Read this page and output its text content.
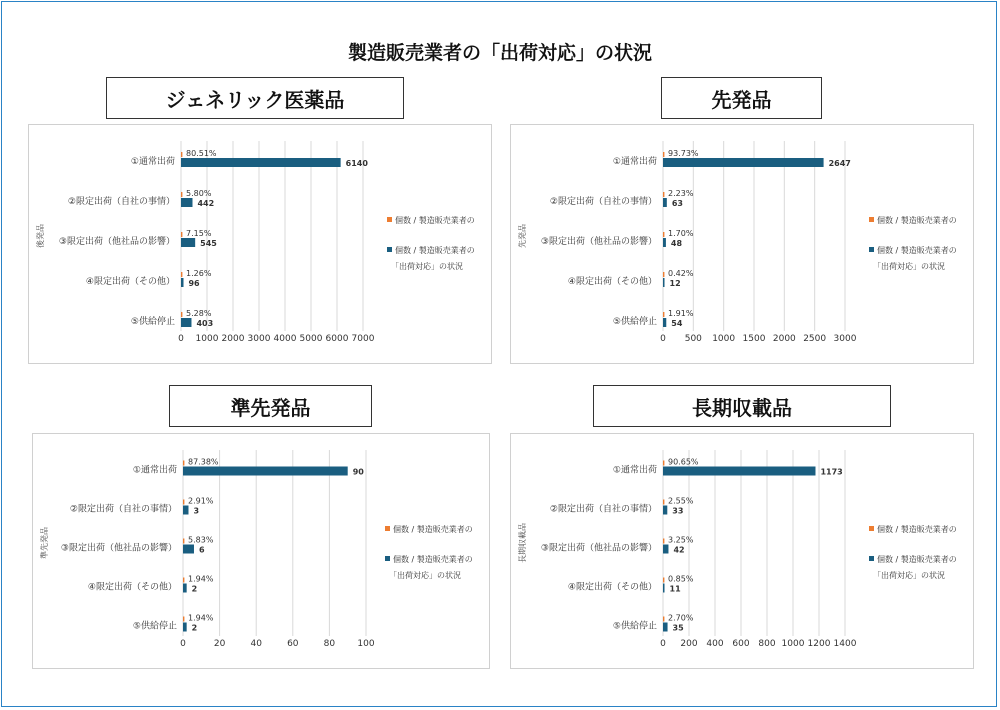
製造販売業者の「出荷対応」の状況
ジェネリック医薬品	先発品
準先発品	長期収載品
0 1000 2000 3000 4000 5000 6000 7000
後発品
①通常出荷
80.51%
6140
②限定出荷（自社の事情）
5.80%
442
③限定出荷（他社品の影響）
7.15%
545
④限定出荷（その他）
1.26%
96
⑤供給停止
5.28%
403
個数 / 製造販売業者の
個数 / 製造販売業者の
「出荷対応」の状況
0 500 1000 1500 2000 2500 3000
先発品
①通常出荷
93.73%
2647
②限定出荷（自社の事情）
2.23%
63
③限定出荷（他社品の影響）
1.70%
48
④限定出荷（その他）
0.42%
12
⑤供給停止
1.91%
54
個数 / 製造販売業者の
個数 / 製造販売業者の
「出荷対応」の状況
0	20	40	60	80 100
準先発品
①通常出荷
87.38%
90
②限定出荷（自社の事情）
2.91%
3
③限定出荷（他社品の影響）
5.83%
6
④限定出荷（その他）
1.94%
2
⑤供給停止
1.94%
2
個数 / 製造販売業者の
個数 / 製造販売業者の
「出荷対応」の状況
0 200 400 600 800 1000 1200 1400
長期収載品
①通常出荷
90.65%
1173
②限定出荷（自社の事情）
2.55%
33
③限定出荷（他社品の影響）
3.25%
42
④限定出荷（その他）
0.85%
11
⑤供給停止
2.70%
35
個数 / 製造販売業者の
個数 / 製造販売業者の
「出荷対応」の状況
